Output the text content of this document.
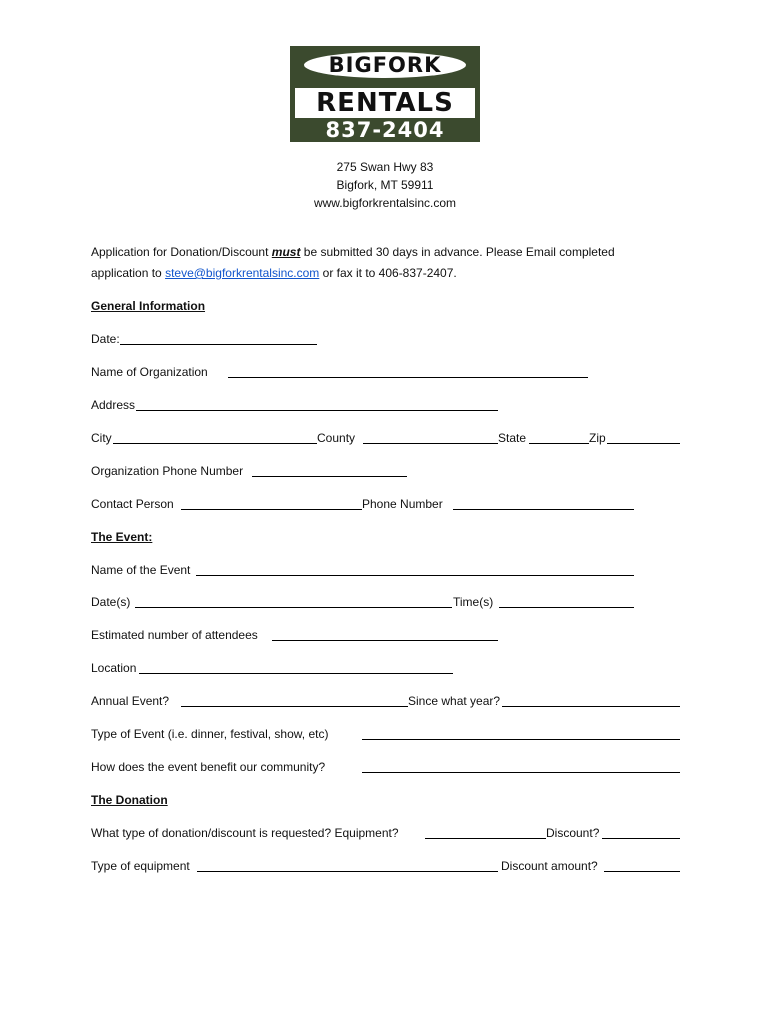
BIGFORK
RENTALS
837-2404
275 Swan Hwy 83
Bigfork, MT 59911
www.bigforkrentalsinc.com
Application for Donation/Discount must be submitted 30 days in advance. Please Email completed
application to steve@bigforkrentalsinc.com or fax it to 406-837-2407.
General Information
Date:
Name of Organization
Address
City	County	State	Zip
Organization Phone Number
Contact Person	Phone Number
The Event:
Name of the Event
Date(s)	Time(s)
Estimated number of attendees
Location
Annual Event?	Since what year?
Type of Event (i.e. dinner, festival, show, etc)
How does the event benefit our community?
The Donation
What type of donation/discount is requested? Equipment?	Discount?
Type of equipment	Discount amount?
